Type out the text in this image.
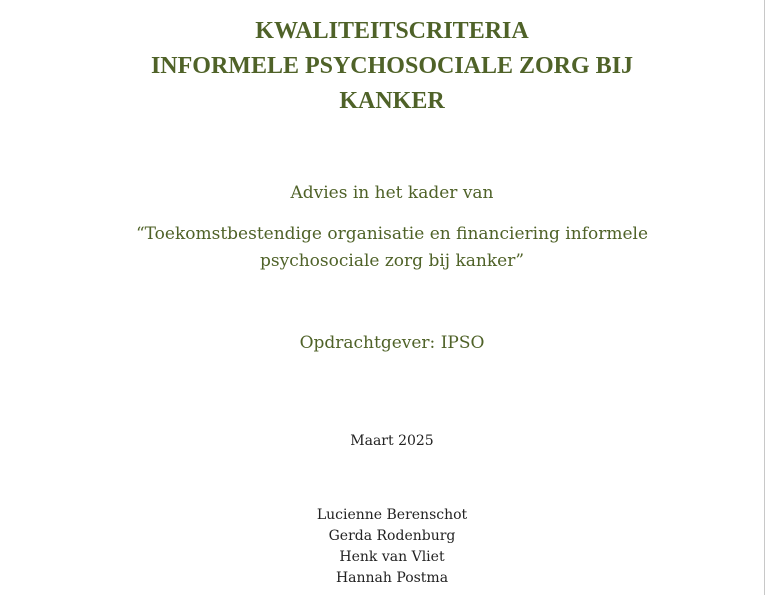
KWALITEITSCRITERIA
INFORMELE PSYCHOSOCIALE ZORG BIJ
KANKER
Advies in het kader van
“Toekomstbestendige organisatie en financiering informele
psychosociale zorg bij kanker”
Opdrachtgever: IPSO
Maart 2025
Lucienne Berenschot
Gerda Rodenburg
Henk van Vliet
Hannah Postma
